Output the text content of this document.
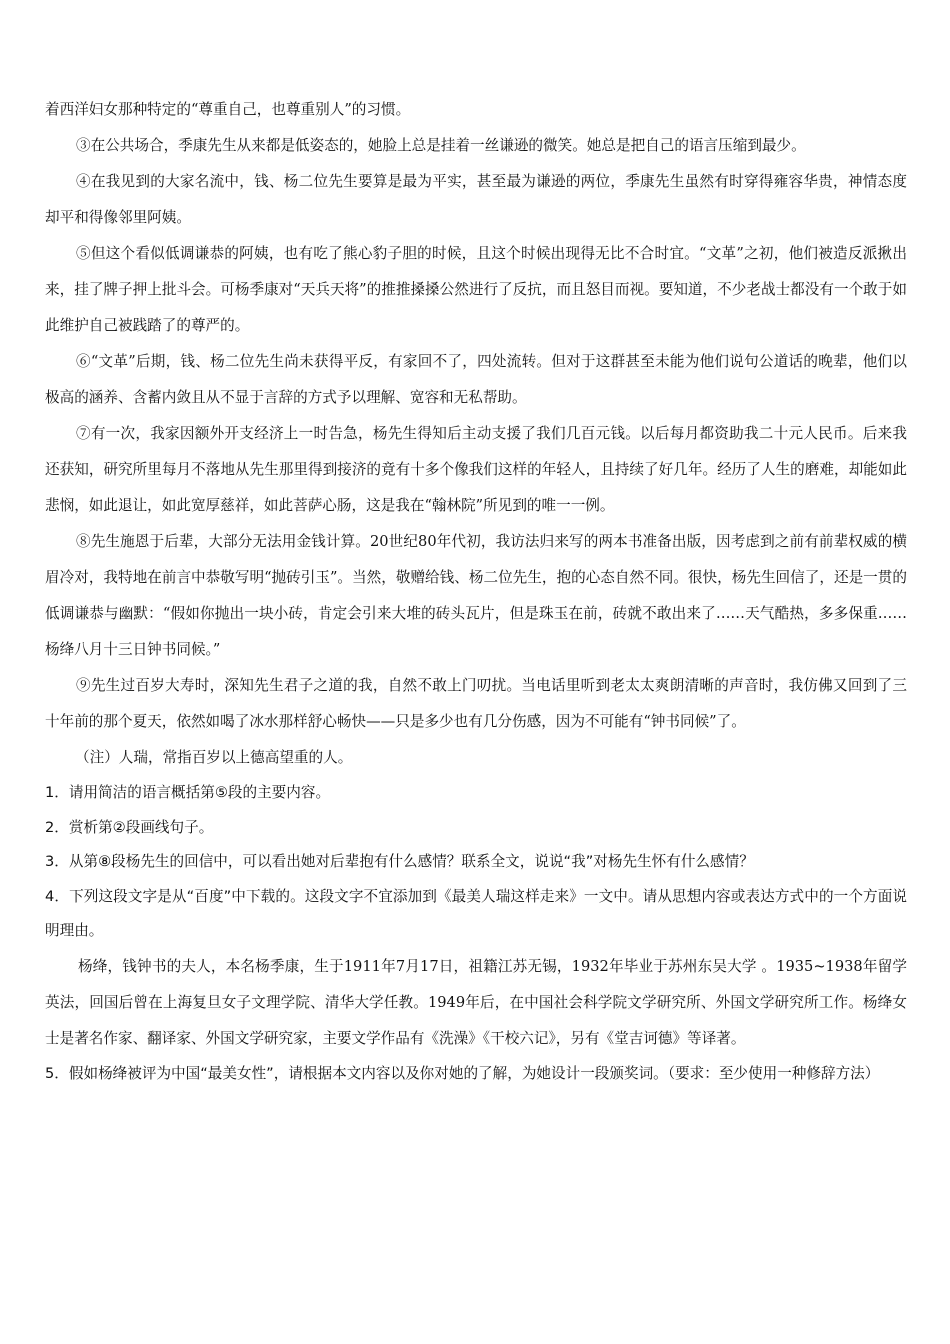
着西洋妇女那种特定的“尊重自己，也尊重别人”的习惯。

③在公共场合，季康先生从来都是低姿态的，她脸上总是挂着一丝谦逊的微笑。她总是把自己的语言压缩到最少。

④在我见到的大家名流中，钱、杨二位先生要算是最为平实，甚至最为谦逊的两位，季康先生虽然有时穿得雍容华贵，神情态度却平和得像邻里阿姨。

⑤但这个看似低调谦恭的阿姨，也有吃了熊心豹子胆的时候，且这个时候出现得无比不合时宜。“文革”之初，他们被造反派揪出来，挂了牌子押上批斗会。可杨季康对“天兵天将”的推推搡搡公然进行了反抗，而且怒目而视。要知道，不少老战士都没有一个敢于如此维护自己被践踏了的尊严的。

⑥“文革”后期，钱、杨二位先生尚未获得平反，有家回不了，四处流转。但对于这群甚至未能为他们说句公道话的晚辈，他们以极高的涵养、含蓄内敛且从不显于言辞的方式予以理解、宽容和无私帮助。

⑦有一次，我家因额外开支经济上一时告急，杨先生得知后主动支援了我们几百元钱。以后每月都资助我二十元人民币。后来我还获知，研究所里每月不落地从先生那里得到接济的竟有十多个像我们这样的年轻人，且持续了好几年。经历了人生的磨难，却能如此悲悯，如此退让，如此宽厚慈祥，如此菩萨心肠，这是我在“翰林院”所见到的唯一一例。

⑧先生施恩于后辈，大部分无法用金钱计算。20世纪80年代初，我访法归来写的两本书准备出版，因考虑到之前有前辈权威的横眉冷对，我特地在前言中恭敬写明“抛砖引玉”。当然，敬赠给钱、杨二位先生，抱的心态自然不同。很快，杨先生回信了，还是一贯的低调谦恭与幽默：“假如你抛出一块小砖，肯定会引来大堆的砖头瓦片，但是珠玉在前，砖就不敢出来了……天气酷热，多多保重……杨绛八月十三日钟书同候。”

⑨先生过百岁大寿时，深知先生君子之道的我，自然不敢上门叨扰。当电话里听到老太太爽朗清晰的声音时，我仿佛又回到了三十年前的那个夏天，依然如喝了冰水那样舒心畅快——只是多少也有几分伤感，因为不可能有“钟书同候”了。

（注）人瑞，常指百岁以上德高望重的人。

1．请用简洁的语言概括第⑤段的主要内容。

2．赏析第②段画线句子。

3．从第⑧段杨先生的回信中，可以看出她对后辈抱有什么感情？联系全文，说说“我”对杨先生怀有什么感情？

4．下列这段文字是从“百度”中下载的。这段文字不宜添加到《最美人瑞这样走来》一文中。请从思想内容或表达方式中的一个方面说明理由。

杨绛，钱钟书的夫人，本名杨季康，生于1911年7月17日，祖籍江苏无锡，1932年毕业于苏州东吴大学 。1935~1938年留学英法，回国后曾在上海复旦女子文理学院、清华大学任教。1949年后，在中国社会科学院文学研究所、外国文学研究所工作。杨绛女士是著名作家、翻译家、外国文学研究家，主要文学作品有《洗澡》《干校六记》，另有《堂吉诃德》等译著。

5．假如杨绛被评为中国“最美女性”，请根据本文内容以及你对她的了解，为她设计一段颁奖词。（要求：至少使用一种修辞方法）
